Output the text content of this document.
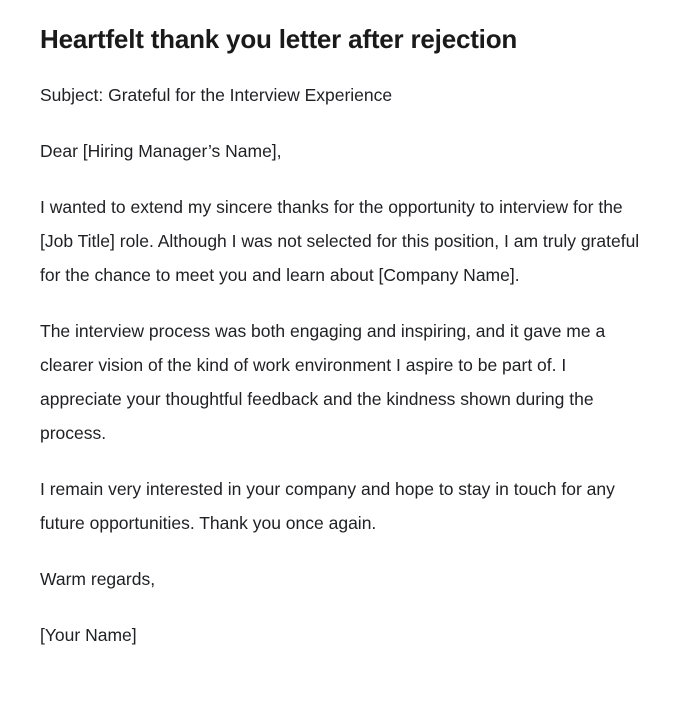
Heartfelt thank you letter after rejection

Subject: Grateful for the Interview Experience

Dear [Hiring Manager’s Name],

I wanted to extend my sincere thanks for the opportunity to interview for the [Job Title] role. Although I was not selected for this position, I am truly grateful for the chance to meet you and learn about [Company Name].

The interview process was both engaging and inspiring, and it gave me a clearer vision of the kind of work environment I aspire to be part of. I appreciate your thoughtful feedback and the kindness shown during the process.

I remain very interested in your company and hope to stay in touch for any future opportunities. Thank you once again.

Warm regards,

[Your Name]
